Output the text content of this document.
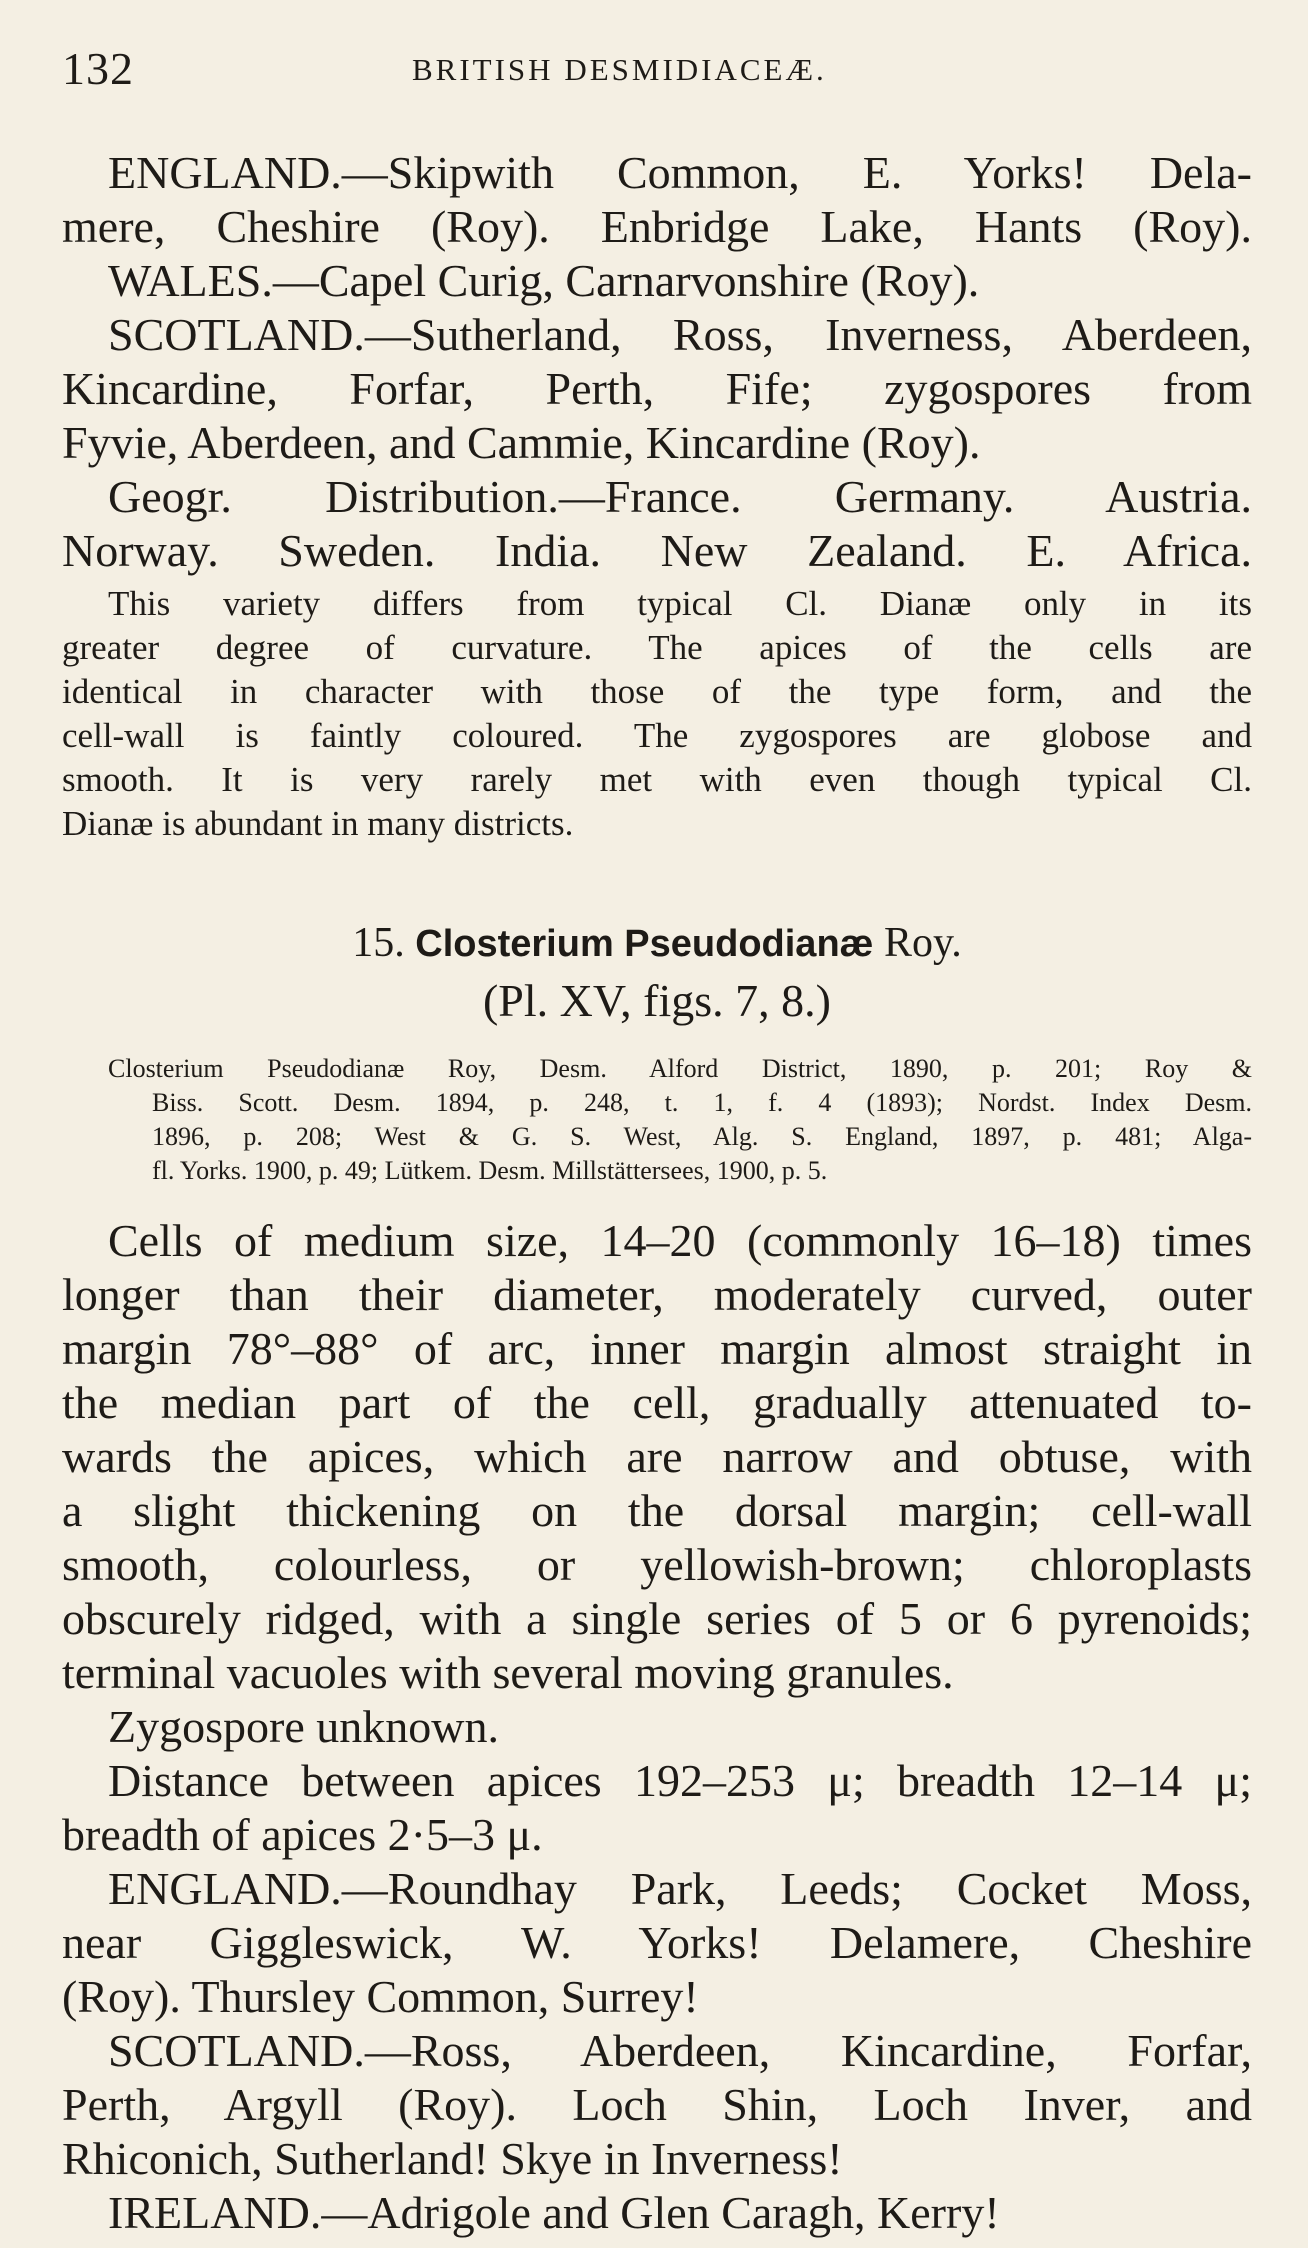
132	BRITISH DESMIDIACEÆ.
ENGLAND.—Skipwith Common, E. Yorks! Dela-
mere, Cheshire (Roy). Enbridge Lake, Hants (Roy).
WALES.—Capel Curig, Carnarvonshire (Roy).
SCOTLAND.—Sutherland, Ross, Inverness, Aberdeen,
Kincardine, Forfar, Perth, Fife; zygospores from
Fyvie, Aberdeen, and Cammie, Kincardine (Roy).
Geogr. Distribution.—France. Germany. Austria.
Norway. Sweden. India. New Zealand. E. Africa.
This variety differs from typical Cl. Dianæ only in its
greater degree of curvature. The apices of the cells are
identical in character with those of the type form, and the
cell-wall is faintly coloured. The zygospores are globose and
smooth. It is very rarely met with even though typical Cl.
Dianæ is abundant in many districts.
15. Closterium Pseudodianæ Roy.
(Pl. XV, figs. 7, 8.)
Closterium Pseudodianæ Roy, Desm. Alford District, 1890, p. 201; Roy &
Biss. Scott. Desm. 1894, p. 248, t. 1, f. 4 (1893); Nordst. Index Desm.
1896, p. 208; West & G. S. West, Alg. S. England, 1897, p. 481; Alga-
fl. Yorks. 1900, p. 49; Lütkem. Desm. Millstättersees, 1900, p. 5.
Cells of medium size, 14–20 (commonly 16–18) times
longer than their diameter, moderately curved, outer
margin 78°–88° of arc, inner margin almost straight in
the median part of the cell, gradually attenuated to-
wards the apices, which are narrow and obtuse, with
a slight thickening on the dorsal margin; cell-wall
smooth, colourless, or yellowish-brown; chloroplasts
obscurely ridged, with a single series of 5 or 6 pyrenoids;
terminal vacuoles with several moving granules.
Zygospore unknown.
Distance between apices 192–253 μ; breadth 12–14 μ;
breadth of apices 2·5–3 μ.
ENGLAND.—Roundhay Park, Leeds; Cocket Moss,
near Giggleswick, W. Yorks! Delamere, Cheshire
(Roy). Thursley Common, Surrey!
SCOTLAND.—Ross, Aberdeen, Kincardine, Forfar,
Perth, Argyll (Roy). Loch Shin, Loch Inver, and
Rhiconich, Sutherland! Skye in Inverness!
IRELAND.—Adrigole and Glen Caragh, Kerry!
